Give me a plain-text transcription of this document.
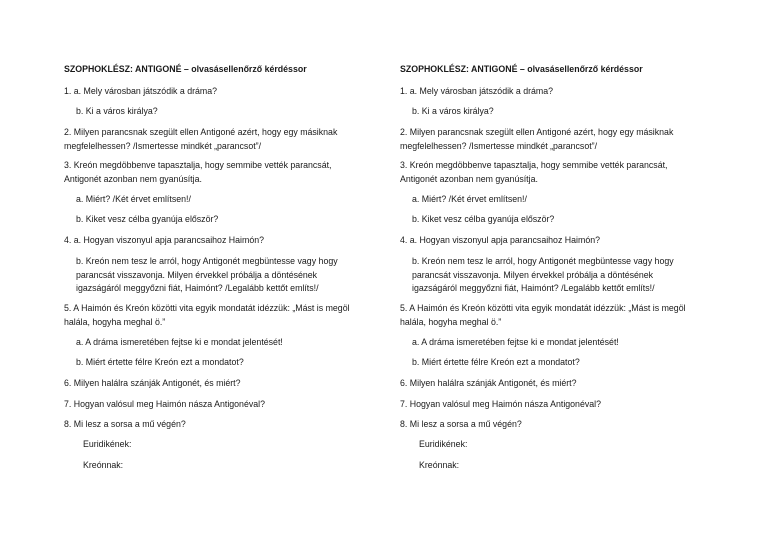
SZOPHOKLÉSZ: ANTIGONÉ – olvasásellenőrző kérdéssor
1. a. Mely városban játszódik a dráma?
b. Ki a város királya?
2. Milyen parancsnak szegült ellen Antigoné azért, hogy egy másiknak
megfelelhessen? /Ismertesse mindkét „parancsot”/
3. Kreón megdöbbenve tapasztalja, hogy semmibe vették parancsát,
Antigonét azonban nem gyanúsítja.
a. Miért? /Két érvet említsen!/
b. Kiket vesz célba gyanúja először?
4. a. Hogyan viszonyul apja parancsaihoz Haimón?
b. Kreón nem tesz le arról, hogy Antigonét megbüntesse vagy hogy
parancsát visszavonja. Milyen érvekkel próbálja a döntésének
igazságáról meggyőzni fiát, Haimónt? /Legalább kettőt említs!/
5. A Haimón és Kreón közötti vita egyik mondatát idézzük: „Mást is megöl
halála, hogyha meghal ö.”
a. A dráma ismeretében fejtse ki e mondat jelentését!
b. Miért értette félre Kreón ezt a mondatot?
6. Milyen halálra szánják Antigonét, és miért?
7. Hogyan valósul meg Haimón násza Antigonéval?
8. Mi lesz a sorsa a mű végén?
Euridikének:
Kreónnak:
SZOPHOKLÉSZ: ANTIGONÉ – olvasásellenőrző kérdéssor
1. a. Mely városban játszódik a dráma?
b. Ki a város királya?
2. Milyen parancsnak szegült ellen Antigoné azért, hogy egy másiknak
megfelelhessen? /Ismertesse mindkét „parancsot”/
3. Kreón megdöbbenve tapasztalja, hogy semmibe vették parancsát,
Antigonét azonban nem gyanúsítja.
a. Miért? /Két érvet említsen!/
b. Kiket vesz célba gyanúja először?
4. a. Hogyan viszonyul apja parancsaihoz Haimón?
b. Kreón nem tesz le arról, hogy Antigonét megbüntesse vagy hogy
parancsát visszavonja. Milyen érvekkel próbálja a döntésének
igazságáról meggyőzni fiát, Haimónt? /Legalább kettőt említs!/
5. A Haimón és Kreón közötti vita egyik mondatát idézzük: „Mást is megöl
halála, hogyha meghal ö.”
a. A dráma ismeretében fejtse ki e mondat jelentését!
b. Miért értette félre Kreón ezt a mondatot?
6. Milyen halálra szánják Antigonét, és miért?
7. Hogyan valósul meg Haimón násza Antigonéval?
8. Mi lesz a sorsa a mű végén?
Euridikének:
Kreónnak:
